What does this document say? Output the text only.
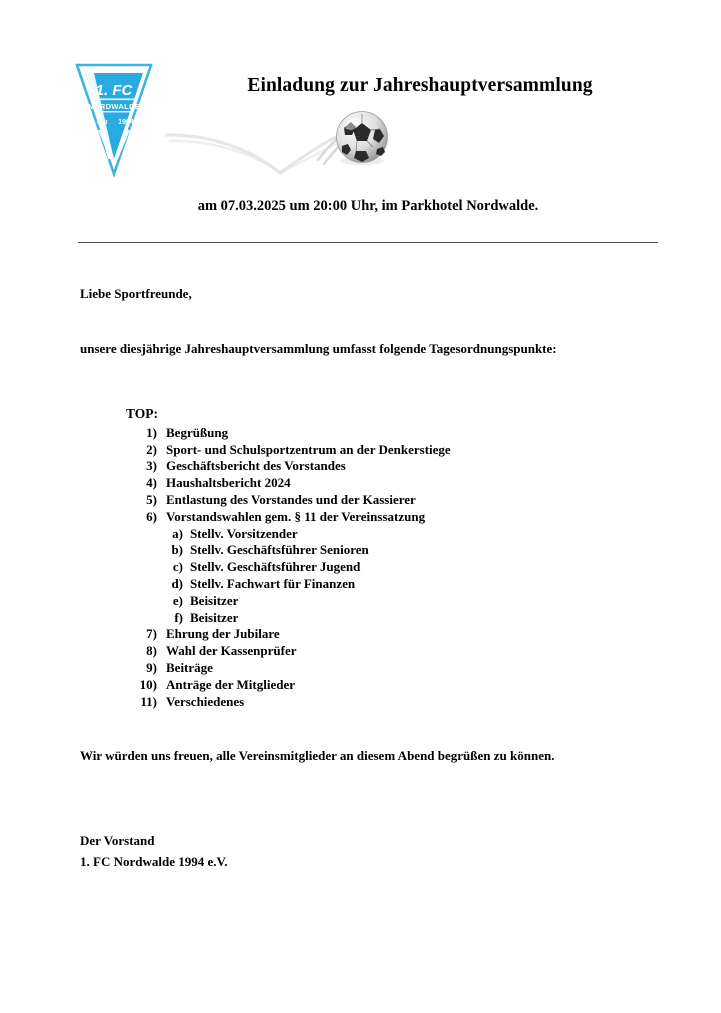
1. FC
NORDWALDE
seit 1994
Einladung zur Jahreshauptversammlung
am 07.03.2025 um 20:00 Uhr, im Parkhotel Nordwalde.
Liebe Sportfreunde,
unsere diesjährige Jahreshauptversammlung umfasst folgende Tagesordnungspunkte:
TOP:
1) Begrüßung
2) Sport- und Schulsportzentrum an der Denkerstiege
3) Geschäftsbericht des Vorstandes
4) Haushaltsbericht 2024
5) Entlastung des Vorstandes und der Kassierer
6) Vorstandswahlen gem. § 11 der Vereinssatzung
a) Stellv. Vorsitzender
b) Stellv. Geschäftsführer Senioren
c) Stellv. Geschäftsführer Jugend
d) Stellv. Fachwart für Finanzen
e) Beisitzer
f) Beisitzer
7) Ehrung der Jubilare
8) Wahl der Kassenprüfer
9) Beiträge
10) Anträge der Mitglieder
11) Verschiedenes
Wir würden uns freuen, alle Vereinsmitglieder an diesem Abend begrüßen zu können.
Der Vorstand
1. FC Nordwalde 1994 e.V.
